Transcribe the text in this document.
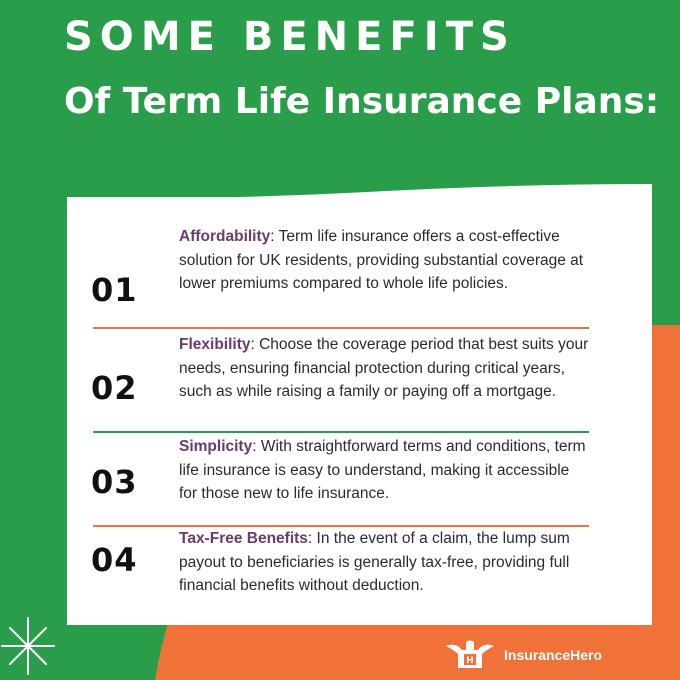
SOME BENEFITS
Of Term Life Insurance Plans:
01

Affordability: Term life insurance offers a cost-effective solution for UK residents, providing substantial coverage at lower premiums compared to whole life policies.

02

Flexibility: Choose the coverage period that best suits your needs, ensuring financial protection during critical years, such as while raising a family or paying off a mortgage.

03

Simplicity: With straightforward terms and conditions, term life insurance is easy to understand, making it accessible for those new to life insurance.

04

Tax-Free Benefits: In the event of a claim, the lump sum payout to beneficiaries is generally tax-free, providing full financial benefits without deduction.

H InsuranceHero
